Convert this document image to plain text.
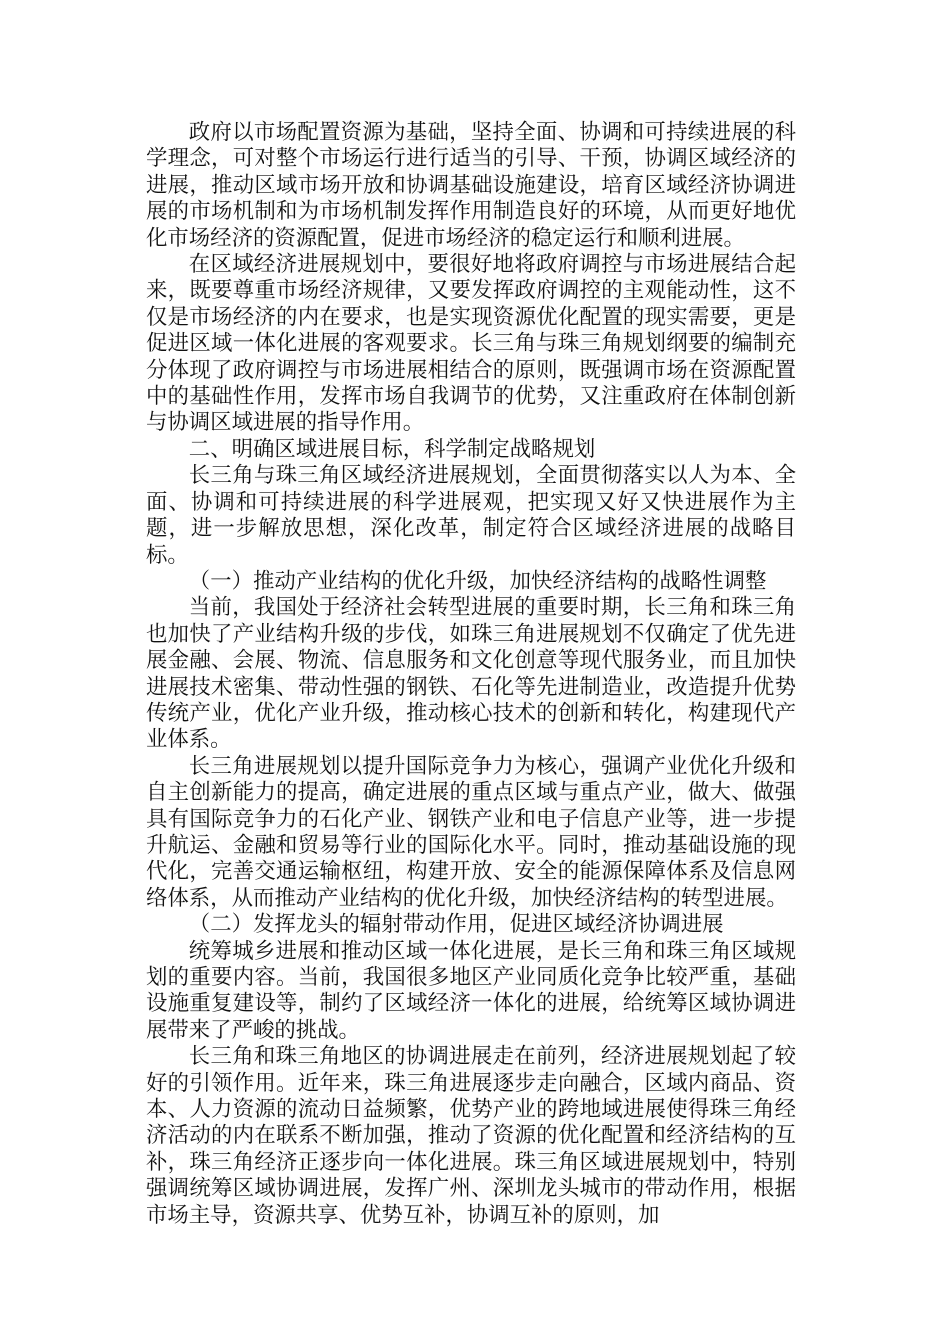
政府以市场配置资源为基础，坚持全面、协调和可持续进展的科学理念，可对整个市场运行进行适当的引导、干预，协调区域经济的进展，推动区域市场开放和协调基础设施建设，培育区域经济协调进展的市场机制和为市场机制发挥作用制造良好的环境，从而更好地优化市场经济的资源配置，促进市场经济的稳定运行和顺利进展。

在区域经济进展规划中，要很好地将政府调控与市场进展结合起来，既要尊重市场经济规律，又要发挥政府调控的主观能动性，这不仅是市场经济的内在要求，也是实现资源优化配置的现实需要，更是促进区域一体化进展的客观要求。长三角与珠三角规划纲要的编制充分体现了政府调控与市场进展相结合的原则，既强调市场在资源配置中的基础性作用，发挥市场自我调节的优势，又注重政府在体制创新与协调区域进展的指导作用。

二、明确区域进展目标，科学制定战略规划

长三角与珠三角区域经济进展规划，全面贯彻落实以人为本、全面、协调和可持续进展的科学进展观，把实现又好又快进展作为主题，进一步解放思想，深化改革，制定符合区域经济进展的战略目标。

（一）推动产业结构的优化升级，加快经济结构的战略性调整

当前，我国处于经济社会转型进展的重要时期，长三角和珠三角也加快了产业结构升级的步伐，如珠三角进展规划不仅确定了优先进展金融、会展、物流、信息服务和文化创意等现代服务业，而且加快进展技术密集、带动性强的钢铁、石化等先进制造业，改造提升优势传统产业，优化产业升级，推动核心技术的创新和转化，构建现代产业体系。

长三角进展规划以提升国际竞争力为核心，强调产业优化升级和自主创新能力的提高，确定进展的重点区域与重点产业，做大、做强具有国际竞争力的石化产业、钢铁产业和电子信息产业等，进一步提升航运、金融和贸易等行业的国际化水平。同时，推动基础设施的现代化，完善交通运输枢纽，构建开放、安全的能源保障体系及信息网络体系，从而推动产业结构的优化升级，加快经济结构的转型进展。

（二）发挥龙头的辐射带动作用，促进区域经济协调进展

统筹城乡进展和推动区域一体化进展，是长三角和珠三角区域规划的重要内容。当前，我国很多地区产业同质化竞争比较严重，基础设施重复建设等，制约了区域经济一体化的进展，给统筹区域协调进展带来了严峻的挑战。

长三角和珠三角地区的协调进展走在前列，经济进展规划起了较好的引领作用。近年来，珠三角进展逐步走向融合，区域内商品、资本、人力资源的流动日益频繁，优势产业的跨地域进展使得珠三角经济活动的内在联系不断加强，推动了资源的优化配置和经济结构的互补，珠三角经济正逐步向一体化进展。珠三角区域进展规划中，特别强调统筹区域协调进展，发挥广州、深圳龙头城市的带动作用，根据市场主导，资源共享、优势互补，协调互补的原则，加
